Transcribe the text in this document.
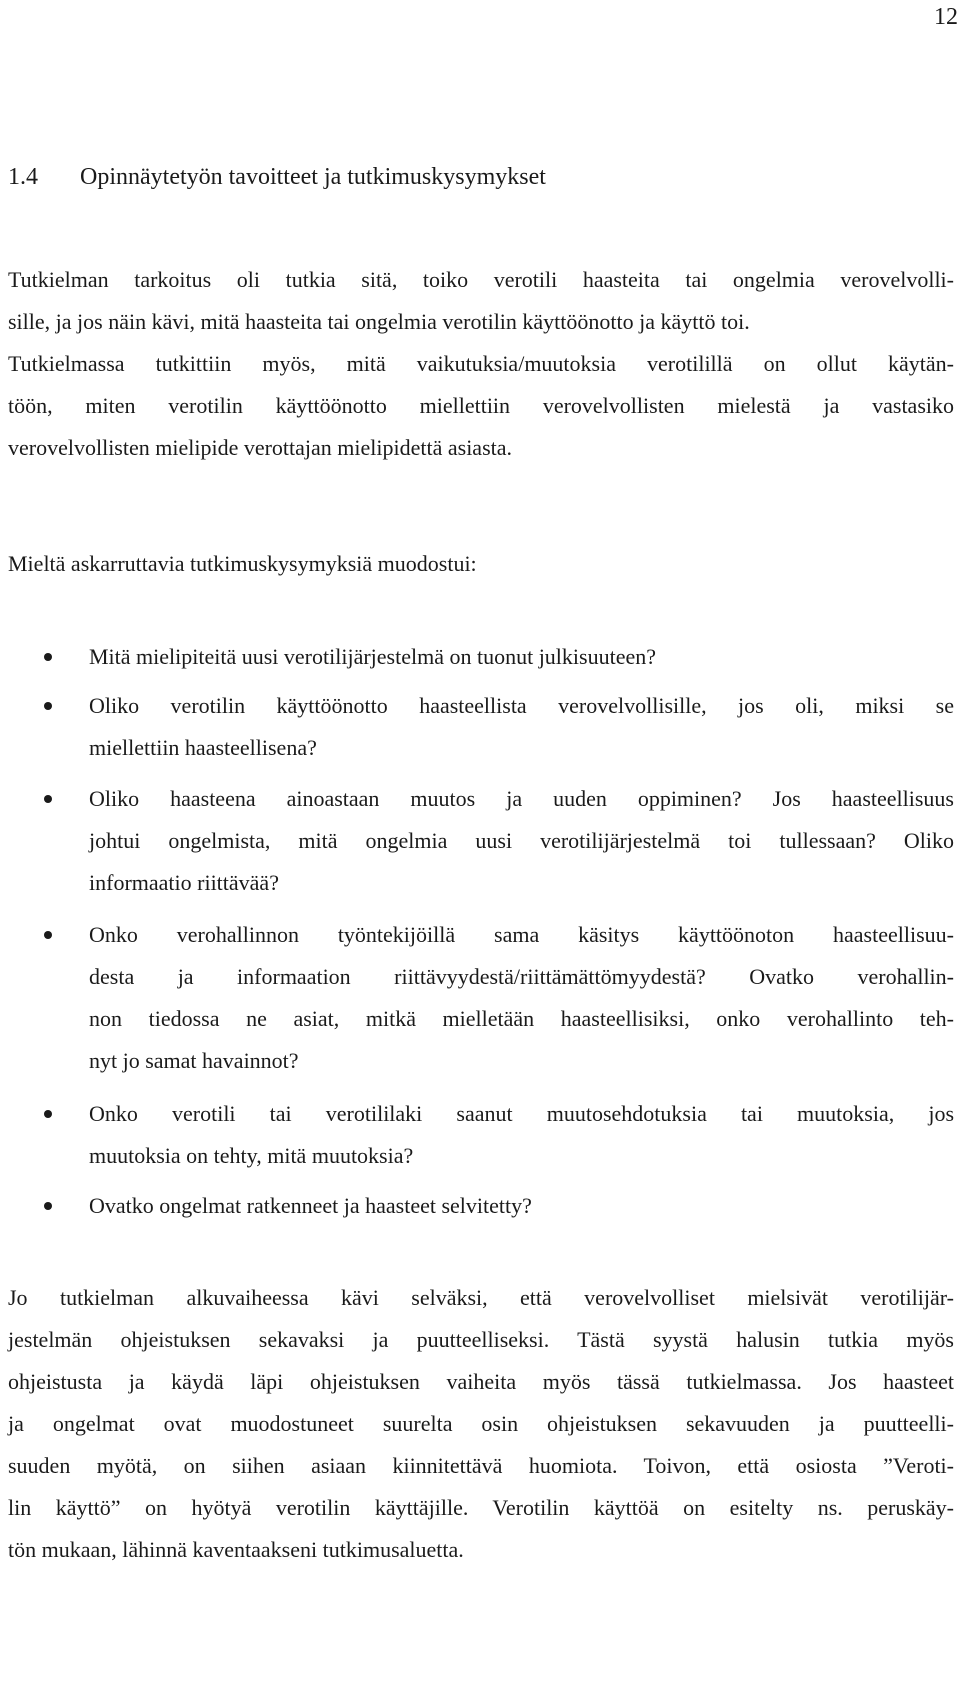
12
1.4 Opinnäytetyön tavoitteet ja tutkimuskysymykset
Tutkielman tarkoitus oli tutkia sitä, toiko verotili haasteita tai ongelmia verovelvolli-
sille, ja jos näin kävi, mitä haasteita tai ongelmia verotilin käyttöönotto ja käyttö toi.
Tutkielmassa tutkittiin myös, mitä vaikutuksia/muutoksia verotilillä on ollut käytän-
töön, miten verotilin käyttöönotto miellettiin verovelvollisten mielestä ja vastasiko
verovelvollisten mielipide verottajan mielipidettä asiasta.
Mieltä askarruttavia tutkimuskysymyksiä muodostui:
Mitä mielipiteitä uusi verotilijärjestelmä on tuonut julkisuuteen?
Oliko verotilin käyttöönotto haasteellista verovelvollisille, jos oli, miksi se
miellettiin haasteellisena?
Oliko haasteena ainoastaan muutos ja uuden oppiminen? Jos haasteellisuus
johtui ongelmista, mitä ongelmia uusi verotilijärjestelmä toi tullessaan? Oliko
informaatio riittävää?
Onko verohallinnon työntekijöillä sama käsitys käyttöönoton haasteellisuu-
desta ja informaation riittävyydestä/riittämättömyydestä? Ovatko verohallin-
non tiedossa ne asiat, mitkä mielletään haasteellisiksi, onko verohallinto teh-
nyt jo samat havainnot?
Onko verotili tai verotililaki saanut muutosehdotuksia tai muutoksia, jos
muutoksia on tehty, mitä muutoksia?
Ovatko ongelmat ratkenneet ja haasteet selvitetty?
Jo tutkielman alkuvaiheessa kävi selväksi, että verovelvolliset mielsivät verotilijär-
jestelmän ohjeistuksen sekavaksi ja puutteelliseksi. Tästä syystä halusin tutkia myös
ohjeistusta ja käydä läpi ohjeistuksen vaiheita myös tässä tutkielmassa. Jos haasteet
ja ongelmat ovat muodostuneet suurelta osin ohjeistuksen sekavuuden ja puutteelli-
suuden myötä, on siihen asiaan kiinnitettävä huomiota. Toivon, että osiosta ”Veroti-
lin käyttö” on hyötyä verotilin käyttäjille. Verotilin käyttöä on esitelty ns. peruskäy-
tön mukaan, lähinnä kaventaakseni tutkimusaluetta.
